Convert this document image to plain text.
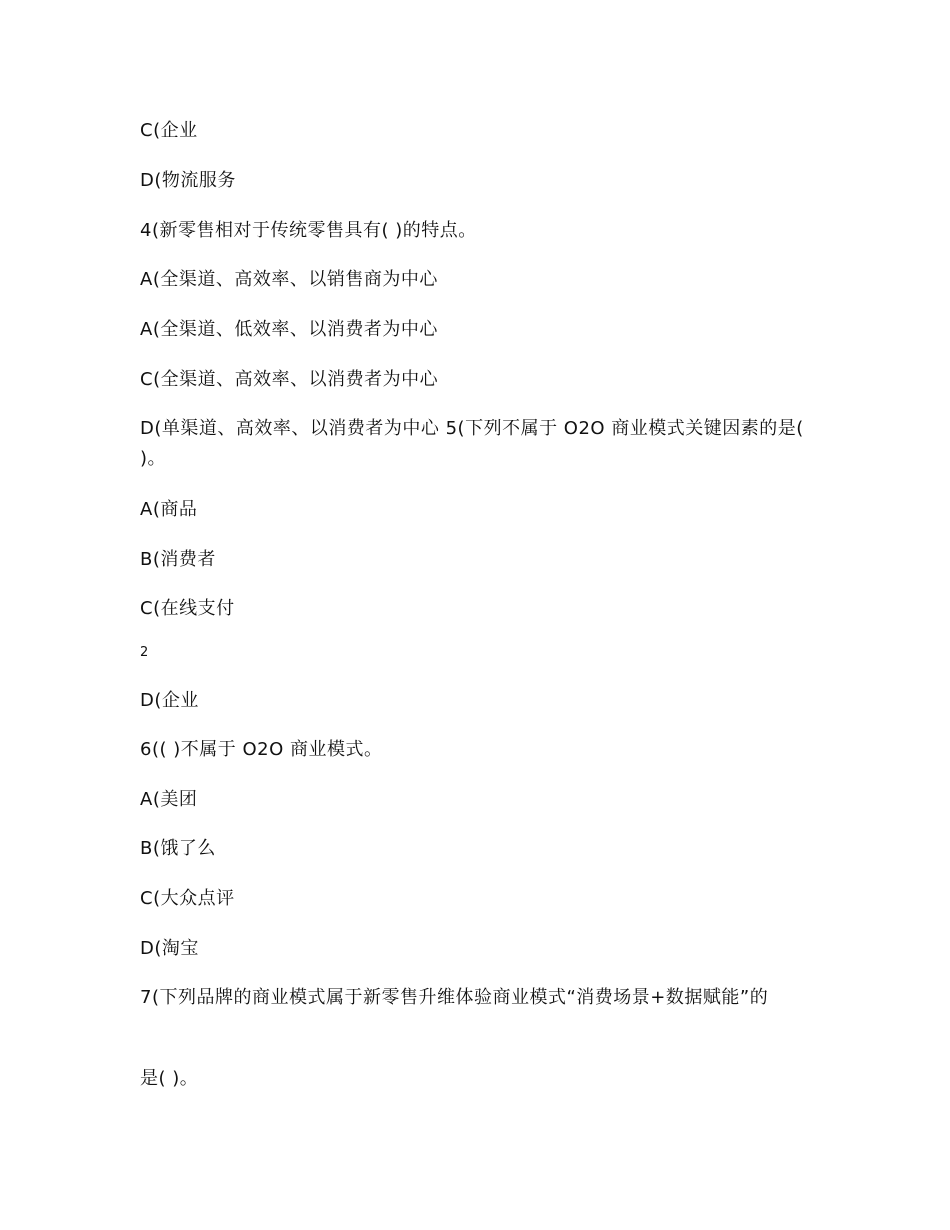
C(企业
D(物流服务
4(新零售相对于传统零售具有( )的特点。
A(全渠道、高效率、以销售商为中心
A(全渠道、低效率、以消费者为中心
C(全渠道、高效率、以消费者为中心
D(单渠道、高效率、以消费者为中心 5(下列不属于 O2O 商业模式关键因素的是( )。
A(商品
B(消费者
C(在线支付
2
D(企业
6(( )不属于 O2O 商业模式。
A(美团
B(饿了么
C(大众点评
D(淘宝
7(下列品牌的商业模式属于新零售升维体验商业模式“消费场景+数据赋能”的
是( )。
